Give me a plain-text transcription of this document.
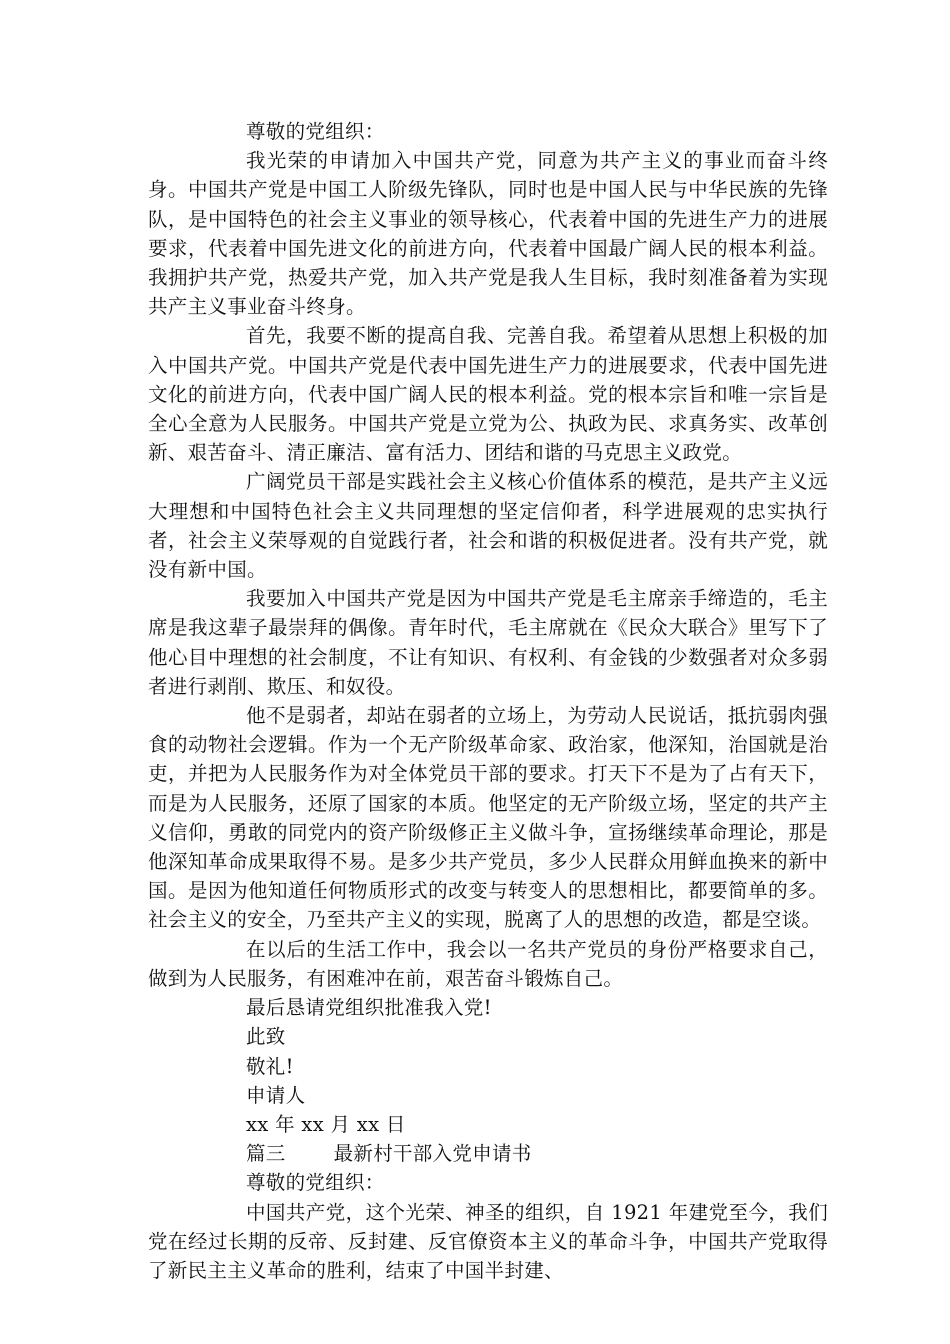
尊敬的党组织：

我光荣的申请加入中国共产党，同意为共产主义的事业而奋斗终身。中国共产党是中国工人阶级先锋队，同时也是中国人民与中华民族的先锋队，是中国特色的社会主义事业的领导核心，代表着中国的先进生产力的进展要求，代表着中国先进文化的前进方向，代表着中国最广阔人民的根本利益。我拥护共产党，热爱共产党，加入共产党是我人生目标，我时刻准备着为实现共产主义事业奋斗终身。

首先，我要不断的提高自我、完善自我。希望着从思想上积极的加入中国共产党。中国共产党是代表中国先进生产力的进展要求，代表中国先进文化的前进方向，代表中国广阔人民的根本利益。党的根本宗旨和唯一宗旨是全心全意为人民服务。中国共产党是立党为公、执政为民、求真务实、改革创新、艰苦奋斗、清正廉洁、富有活力、团结和谐的马克思主义政党。

广阔党员干部是实践社会主义核心价值体系的模范，是共产主义远大理想和中国特色社会主义共同理想的坚定信仰者，科学进展观的忠实执行者，社会主义荣辱观的自觉践行者，社会和谐的积极促进者。没有共产党，就没有新中国。

我要加入中国共产党是因为中国共产党是毛主席亲手缔造的，毛主席是我这辈子最崇拜的偶像。青年时代，毛主席就在《民众大联合》里写下了他心目中理想的社会制度，不让有知识、有权利、有金钱的少数强者对众多弱者进行剥削、欺压、和奴役。

他不是弱者，却站在弱者的立场上，为劳动人民说话，抵抗弱肉强食的动物社会逻辑。作为一个无产阶级革命家、政治家，他深知，治国就是治吏，并把为人民服务作为对全体党员干部的要求。打天下不是为了占有天下，而是为人民服务，还原了国家的本质。他坚定的无产阶级立场，坚定的共产主义信仰，勇敢的同党内的资产阶级修正主义做斗争，宣扬继续革命理论，那是他深知革命成果取得不易。是多少共产党员，多少人民群众用鲜血换来的新中国。是因为他知道任何物质形式的改变与转变人的思想相比，都要简单的多。社会主义的安全，乃至共产主义的实现，脱离了人的思想的改造，都是空谈。

在以后的生活工作中，我会以一名共产党员的身份严格要求自己，做到为人民服务，有困难冲在前，艰苦奋斗锻炼自己。

最后恳请党组织批准我入党!

此致

敬礼!

申请人

xx 年 xx 月 xx 日

篇三 最新村干部入党申请书

尊敬的党组织：

中国共产党，这个光荣、神圣的组织，自 1921 年建党至今，我们党在经过长期的反帝、反封建、反官僚资本主义的革命斗争，中国共产党取得了新民主主义革命的胜利，结束了中国半封建、
